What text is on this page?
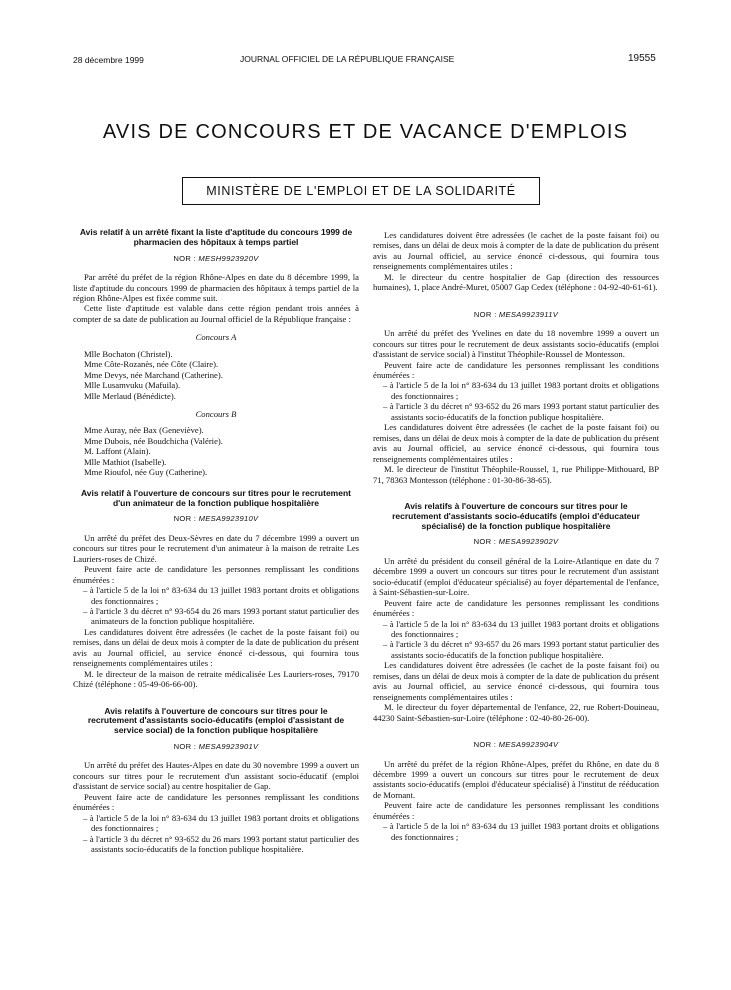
28 décembre 1999	JOURNAL OFFICIEL DE LA RÉPUBLIQUE FRANÇAISE	19555
AVIS DE CONCOURS ET DE VACANCE D'EMPLOIS
MINISTÈRE DE L'EMPLOI ET DE LA SOLIDARITÉ
Avis relatif à un arrêté fixant la liste d'aptitude du concours 1999 de pharmacien des hôpitaux à temps partiel
NOR : MESH9923920V

Par arrêté du préfet de la région Rhône-Alpes en date du 8 décembre 1999, la liste d'aptitude du concours 1999 de pharmacien des hôpitaux à temps partiel de la région Rhône-Alpes est fixée comme suit.

Cette liste d'aptitude est valable dans cette région pendant trois années à compter de sa date de publication au Journal officiel de la République française :

Concours A

Mlle Bochaton (Christel).

Mme Côte-Rozanès, née Côte (Claire).

Mme Devys, née Marchand (Catherine).

Mlle Lusamvuku (Mafuila).

Mlle Merlaud (Bénédicte).

Concours B

Mme Auray, née Bax (Geneviève).

Mme Dubois, née Boudchicha (Valérie).

M. Laffont (Alain).

Mlle Mathiot (Isabelle).

Mme Rioufol, née Guy (Catherine).

Avis relatif à l'ouverture de concours sur titres pour le recrutement d'un animateur de la fonction publique hospitalière
NOR : MESA9923910V

Un arrêté du préfet des Deux-Sèvres en date du 7 décembre 1999 a ouvert un concours sur titres pour le recrutement d'un animateur à la maison de retraite Les Lauriers-roses de Chizé.

Peuvent faire acte de candidature les personnes remplissant les conditions énumérées :

– à l'article 5 de la loi n° 83-634 du 13 juillet 1983 portant droits et obligations des fonctionnaires ;
– à l'article 3 du décret n° 93-654 du 26 mars 1993 portant statut particulier des animateurs de la fonction publique hospitalière.

Les candidatures doivent être adressées (le cachet de la poste faisant foi) ou remises, dans un délai de deux mois à compter de la date de publication du présent avis au Journal officiel, au service énoncé ci-dessous, qui fournira tous renseignements complémentaires utiles :

M. le directeur de la maison de retraite médicalisée Les Lauriers-roses, 79170 Chizé (téléphone : 05-49-06-66-00).

Avis relatifs à l'ouverture de concours sur titres pour le recrutement d'assistants socio-éducatifs (emploi d'assistant de service social) de la fonction publique hospitalière
NOR : MESA9923901V

Un arrêté du préfet des Hautes-Alpes en date du 30 novembre 1999 a ouvert un concours sur titres pour le recrutement d'un assistant socio-éducatif (emploi d'assistant de service social) au centre hospitalier de Gap.

Peuvent faire acte de candidature les personnes remplissant les conditions énumérées :

– à l'article 5 de la loi n° 83-634 du 13 juillet 1983 portant droits et obligations des fonctionnaires ;
– à l'article 3 du décret n° 93-652 du 26 mars 1993 portant statut particulier des assistants socio-éducatifs de la fonction publique hospitalière.

Les candidatures doivent être adressées (le cachet de la poste faisant foi) ou remises, dans un délai de deux mois à compter de la date de publication du présent avis au Journal officiel, au service énoncé ci-dessous, qui fournira tous renseignements complémentaires utiles :

M. le directeur du centre hospitalier de Gap (direction des ressources humaines), 1, place André-Muret, 05007 Gap Cedex (téléphone : 04-92-40-61-61).

NOR : MESA9923911V

Un arrêté du préfet des Yvelines en date du 18 novembre 1999 a ouvert un concours sur titres pour le recrutement de deux assistants socio-éducatifs (emploi d'assistant de service social) à l'institut Théophile-Roussel de Montesson.

Peuvent faire acte de candidature les personnes remplissant les conditions énumérées :

– à l'article 5 de la loi n° 83-634 du 13 juillet 1983 portant droits et obligations des fonctionnaires ;
– à l'article 3 du décret n° 93-652 du 26 mars 1993 portant statut particulier des assistants socio-éducatifs de la fonction publique hospitalière.

Les candidatures doivent être adressées (le cachet de la poste faisant foi) ou remises, dans un délai de deux mois à compter de la date de publication du présent avis au Journal officiel, au service énoncé ci-dessous, qui fournira tous renseignements complémentaires utiles :

M. le directeur de l'institut Théophile-Roussel, 1, rue Philippe-Mithouard, BP 71, 78363 Montesson (téléphone : 01-30-86-38-65).

Avis relatifs à l'ouverture de concours sur titres pour le recrutement d'assistants socio-éducatifs (emploi d'éducateur spécialisé) de la fonction publique hospitalière
NOR : MESA9923902V

Un arrêté du président du conseil général de la Loire-Atlantique en date du 7 décembre 1999 a ouvert un concours sur titres pour le recrutement d'un assistant socio-éducatif (emploi d'éducateur spécialisé) au foyer départemental de l'enfance, à Saint-Sébastien-sur-Loire.

Peuvent faire acte de candidature les personnes remplissant les conditions énumérées :

– à l'article 5 de la loi n° 83-634 du 13 juillet 1983 portant droits et obligations des fonctionnaires ;
– à l'article 3 du décret n° 93-657 du 26 mars 1993 portant statut particulier des assistants socio-éducatifs de la fonction publique hospitalière.

Les candidatures doivent être adressées (le cachet de la poste faisant foi) ou remises, dans un délai de deux mois à compter de la date de publication du présent avis au Journal officiel, au service énoncé ci-dessous, qui fournira tous renseignements complémentaires utiles :

M. le directeur du foyer départemental de l'enfance, 22, rue Robert-Douineau, 44230 Saint-Sébastien-sur-Loire (téléphone : 02-40-80-26-00).

NOR : MESA9923904V

Un arrêté du préfet de la région Rhône-Alpes, préfet du Rhône, en date du 8 décembre 1999 a ouvert un concours sur titres pour le recrutement de deux assistants socio-éducatifs (emploi d'éducateur spécialisé) à l'institut de rééducation de Mornant.

Peuvent faire acte de candidature les personnes remplissant les conditions énumérées :

– à l'article 5 de la loi n° 83-634 du 13 juillet 1983 portant droits et obligations des fonctionnaires ;
